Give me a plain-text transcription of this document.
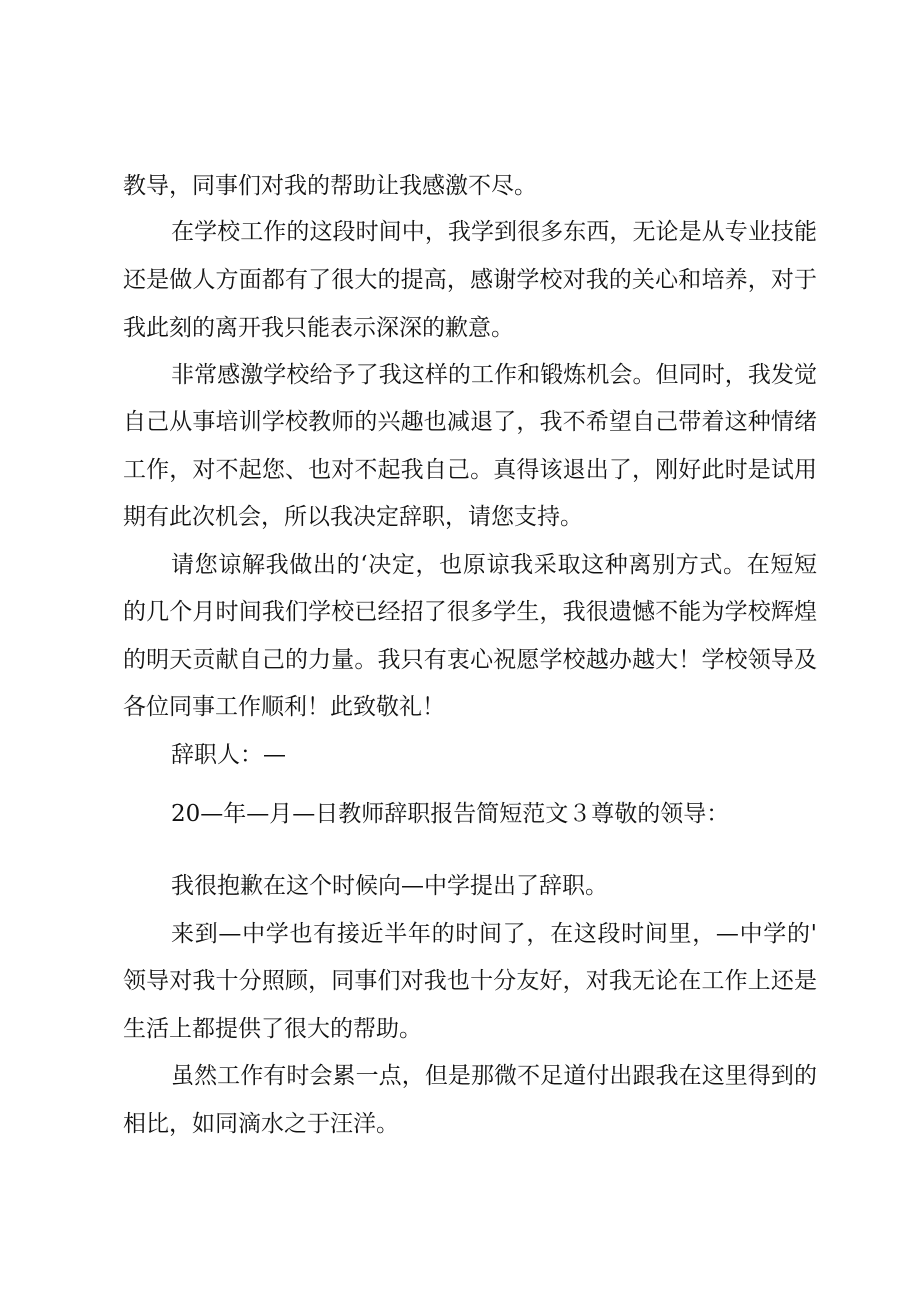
教导，同事们对我的帮助让我感激不尽。
在学校工作的这段时间中，我学到很多东西，无论是从专业技能
还是做人方面都有了很大的提高，感谢学校对我的关心和培养，对于
我此刻的离开我只能表示深深的歉意。
非常感激学校给予了我这样的工作和锻炼机会。但同时，我发觉
自己从事培训学校教师的兴趣也减退了，我不希望自己带着这种情绪
工作，对不起您、也对不起我自己。真得该退出了，刚好此时是试用
期有此次机会，所以我决定辞职，请您支持。
请您谅解我做出的‘决定，也原谅我采取这种离别方式。在短短
的几个月时间我们学校已经招了很多学生，我很遗憾不能为学校辉煌
的明天贡献自己的力量。我只有衷心祝愿学校越办越大！学校领导及
各位同事工作顺利！此致敬礼！
辞职人：—
20—年—月—日教师辞职报告简短范文３尊敬的领导：
我很抱歉在这个时候向—中学提出了辞职。
来到—中学也有接近半年的时间了，在这段时间里，—中学的'
领导对我十分照顾，同事们对我也十分友好，对我无论在工作上还是
生活上都提供了很大的帮助。
虽然工作有时会累一点，但是那微不足道付出跟我在这里得到的
相比，如同滴水之于汪洋。
